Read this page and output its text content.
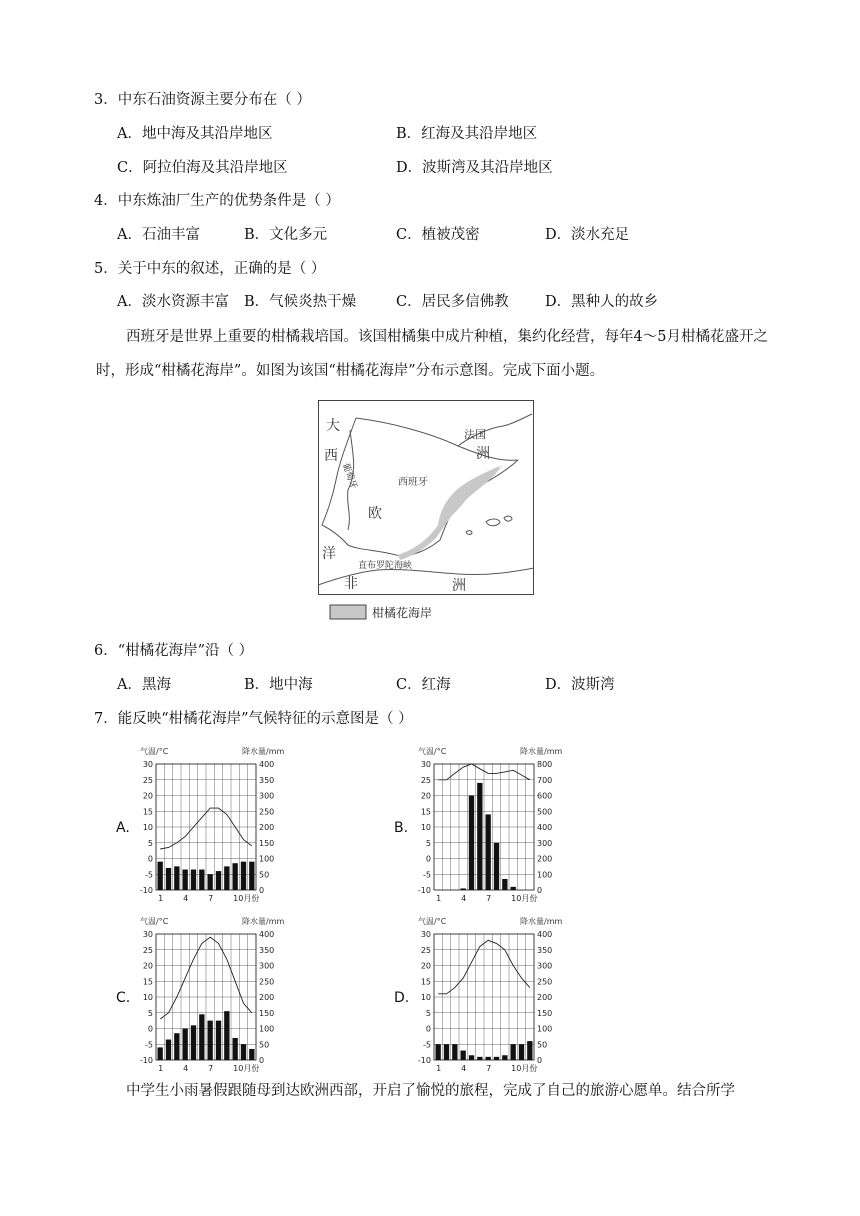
3．中东石油资源主要分布在（ ）
A．地中海及其沿岸地区	B．红海及其沿岸地区
C．阿拉伯海及其沿岸地区	D．波斯湾及其沿岸地区
4．中东炼油厂生产的优势条件是（ ）
A．石油丰富	B．文化多元	C．植被茂密	D．淡水充足
5．关于中东的叙述，正确的是（ ）
A．淡水资源丰富 B．气候炎热干燥	C．居民多信佛教	D．黑种人的故乡
西班牙是世界上重要的柑橘栽培国。该国柑橘集中成片种植，集约化经营，每年4～5月柑橘花盛开之时，形成“柑橘花海岸”。如图为该国“柑橘花海岸”分布示意图。完成下面小题。
大
西
洋
葡萄牙	西班牙
欧
法国
洲
非	洲
直布罗陀海峡
柑橘花海岸
6．“柑橘花海岸”沿（ ）
A．黑海	B．地中海	C．红海	D．波斯湾
7．能反映“柑橘花海岸”气候特征的示意图是（ ）
A.
气温/°C	降水量/mm
30
25
20
15
10
5
0
-5
-10
400
350
300
250
200
150
100
50
0
1 4 7 10月份
B.
气温/°C	降水量/mm
30
25
20
15
10
5
0
-5
-10
800
700
600
500
400
300
200
100
0
1 4 7 10月份
C.
气温/°C	降水量/mm
30
25
20
15
10
5
0
-5
-10
400
350
300
250
200
150
100
50
0
1 4 7 10月份
D.
气温/°C	降水量/mm
30
25
20
15
10
5
0
-5
-10
400
350
300
250
200
150
100
50
0
1 4 7 10月份
中学生小雨暑假跟随母到达欧洲西部，开启了愉悦的旅程，完成了自己的旅游心愿单。结合所学
